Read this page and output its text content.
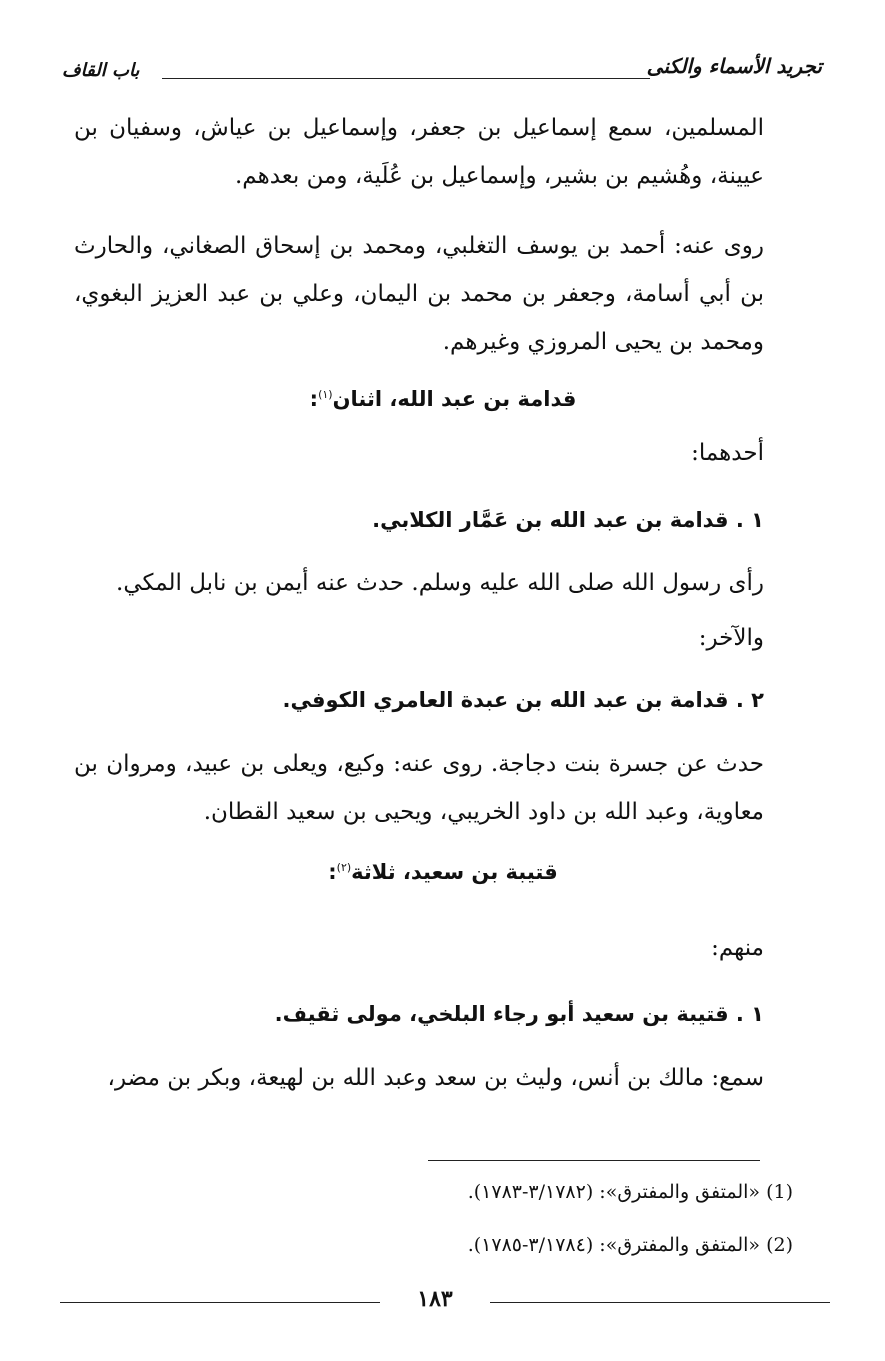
تجريد الأسماء والكنى
باب القاف
المسلمين، سمع إسماعيل بن جعفر، وإسماعيل بن عياش، وسفيان بن عيينة، وهُشيم بن بشير، وإسماعيل بن عُلَية، ومن بعدهم.
روى عنه: أحمد بن يوسف التغلبي، ومحمد بن إسحاق الصغاني، والحارث بن أبي أسامة، وجعفر بن محمد بن اليمان، وعلي بن عبد العزيز البغوي، ومحمد بن يحيى المروزي وغيرهم.
قدامة بن عبد الله، اثنان$^{(١)}$:
أحدهما:
١ . قدامة بن عبد الله بن عَمَّار الكلابي.
رأى رسول الله صلى الله عليه وسلم. حدث عنه أيمن بن نابل المكي.
والآخر:
٢ . قدامة بن عبد الله بن عبدة العامري الكوفي.
حدث عن جسرة بنت دجاجة. روى عنه: وكيع، ويعلى بن عبيد، ومروان بن معاوية، وعبد الله بن داود الخريبي، ويحيى بن سعيد القطان.
قتيبة بن سعيد، ثلاثة$^{(٢)}$:
منهم:
١ . قتيبة بن سعيد أبو رجاء البلخي، مولى ثقيف.
سمع: مالك بن أنس، وليث بن سعد وعبد الله بن لهيعة، وبكر بن مضر،
(1) «المتفق والمفترق»: (٣/١٧٨٢-١٧٨٣).
(2) «المتفق والمفترق»: (٣/١٧٨٤-١٧٨٥).
١٨٣
